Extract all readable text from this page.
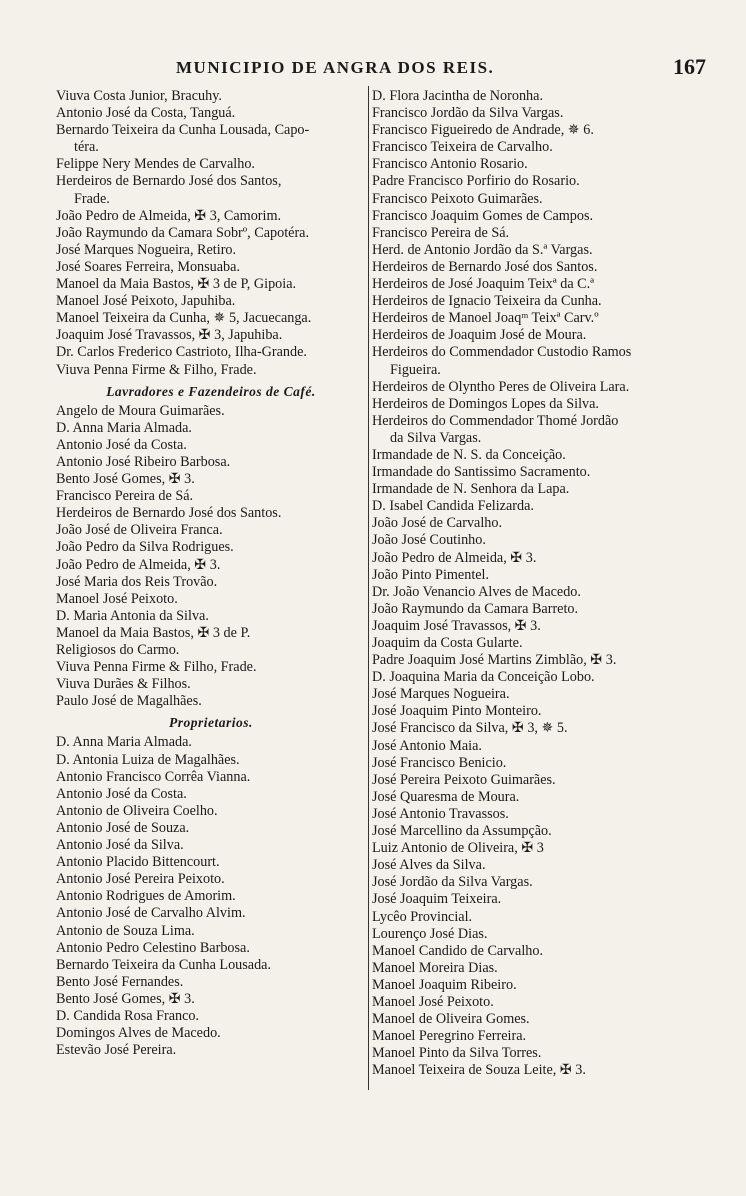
MUNICIPIO DE ANGRA DOS REIS.	167
Viuva Costa Junior, Bracuhy.
Antonio José da Costa, Tanguá.
Bernardo Teixeira da Cunha Lousada, Capo-
téra.
Felippe Nery Mendes de Carvalho.
Herdeiros de Bernardo José dos Santos,
Frade.
João Pedro de Almeida, ✠ 3, Camorim.
João Raymundo da Camara Sobrº, Capotéra.
José Marques Nogueira, Retiro.
José Soares Ferreira, Monsuaba.
Manoel da Maia Bastos, ✠ 3 de P, Gipoia.
Manoel José Peixoto, Japuhiba.
Manoel Teixeira da Cunha, ✵ 5, Jacuecanga.
Joaquim José Travassos, ✠ 3, Japuhiba.
Dr. Carlos Frederico Castrioto, Ilha-Grande.
Viuva Penna Firme & Filho, Frade.
Lavradores e Fazendeiros de Café.
Angelo de Moura Guimarães.
D. Anna Maria Almada.
Antonio José da Costa.
Antonio José Ribeiro Barbosa.
Bento José Gomes, ✠ 3.
Francisco Pereira de Sá.
Herdeiros de Bernardo José dos Santos.
João José de Oliveira Franca.
João Pedro da Silva Rodrigues.
João Pedro de Almeida, ✠ 3.
José Maria dos Reis Trovão.
Manoel José Peixoto.
D. Maria Antonia da Silva.
Manoel da Maia Bastos, ✠ 3 de P.
Religiosos do Carmo.
Viuva Penna Firme & Filho, Frade.
Viuva Durães & Filhos.
Paulo José de Magalhães.
Proprietarios.
D. Anna Maria Almada.
D. Antonia Luiza de Magalhães.
Antonio Francisco Corrêa Vianna.
Antonio José da Costa.
Antonio de Oliveira Coelho.
Antonio José de Souza.
Antonio José da Silva.
Antonio Placido Bittencourt.
Antonio José Pereira Peixoto.
Antonio Rodrigues de Amorim.
Antonio José de Carvalho Alvim.
Antonio de Souza Lima.
Antonio Pedro Celestino Barbosa.
Bernardo Teixeira da Cunha Lousada.
Bento José Fernandes.
Bento José Gomes, ✠ 3.
D. Candida Rosa Franco.
Domingos Alves de Macedo.
Estevão José Pereira.
D. Flora Jacintha de Noronha.
Francisco Jordão da Silva Vargas.
Francisco Figueiredo de Andrade, ✵ 6.
Francisco Teixeira de Carvalho.
Francisco Antonio Rosario.
Padre Francisco Porfirio do Rosario.
Francisco Peixoto Guimarães.
Francisco Joaquim Gomes de Campos.
Francisco Pereira de Sá.
Herd. de Antonio Jordão da S.ª Vargas.
Herdeiros de Bernardo José dos Santos.
Herdeiros de José Joaquim Teixª da C.ª
Herdeiros de Ignacio Teixeira da Cunha.
Herdeiros de Manoel Joaqᵐ Teixª Carv.º
Herdeiros de Joaquim José de Moura.
Herdeiros do Commendador Custodio Ramos
Figueira.
Herdeiros de Olyntho Peres de Oliveira Lara.
Herdeiros de Domingos Lopes da Silva.
Herdeiros do Commendador Thomé Jordão
da Silva Vargas.
Irmandade de N. S. da Conceição.
Irmandade do Santissimo Sacramento.
Irmandade de N. Senhora da Lapa.
D. Isabel Candida Felizarda.
João José de Carvalho.
João José Coutinho.
João Pedro de Almeida, ✠ 3.
João Pinto Pimentel.
Dr. João Venancio Alves de Macedo.
João Raymundo da Camara Barreto.
Joaquim José Travassos, ✠ 3.
Joaquim da Costa Gularte.
Padre Joaquim José Martins Zimblão, ✠ 3.
D. Joaquina Maria da Conceição Lobo.
José Marques Nogueira.
José Joaquim Pinto Monteiro.
José Francisco da Silva, ✠ 3, ✵ 5.
José Antonio Maia.
José Francisco Benicio.
José Pereira Peixoto Guimarães.
José Quaresma de Moura.
José Antonio Travassos.
José Marcellino da Assumpção.
Luiz Antonio de Oliveira, ✠ 3
José Alves da Silva.
José Jordão da Silva Vargas.
José Joaquim Teixeira.
Lycêo Provincial.
Lourenço José Dias.
Manoel Candido de Carvalho.
Manoel Moreira Dias.
Manoel Joaquim Ribeiro.
Manoel José Peixoto.
Manoel de Oliveira Gomes.
Manoel Peregrino Ferreira.
Manoel Pinto da Silva Torres.
Manoel Teixeira de Souza Leite, ✠ 3.
